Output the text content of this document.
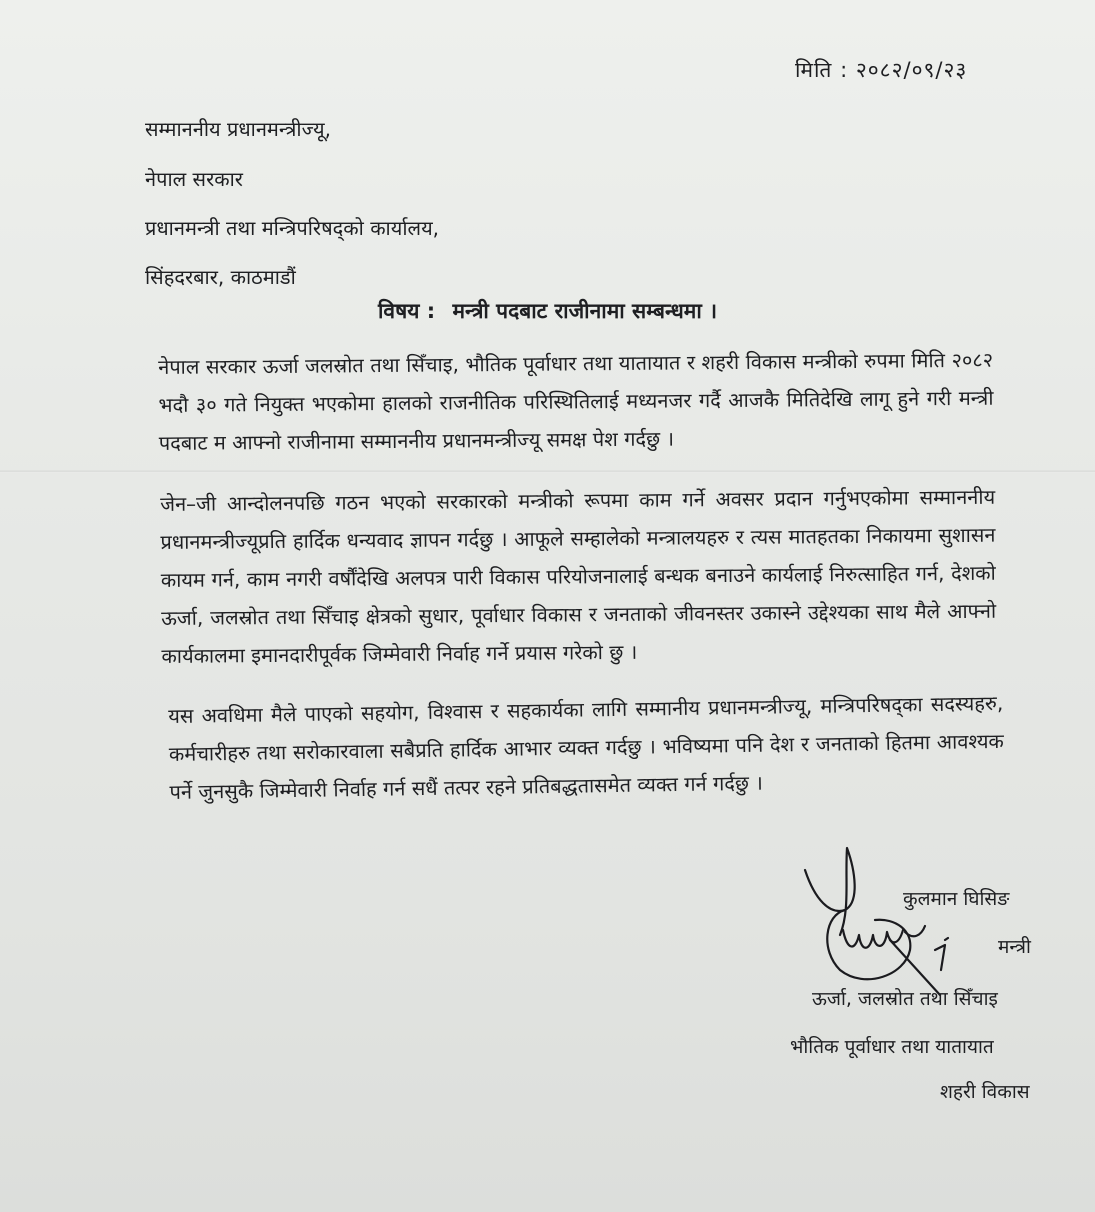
मिति : २०८२/०९/२३
सम्माननीय प्रधानमन्त्रीज्यू,
नेपाल सरकार
प्रधानमन्त्री तथा मन्त्रिपरिषद्को कार्यालय,
सिंहदरबार, काठमाडौं
विषय : मन्त्री पदबाट राजीनामा सम्बन्धमा ।
नेपाल सरकार ऊर्जा जलस्रोत तथा सिँचाइ, भौतिक पूर्वाधार तथा यातायात र शहरी विकास मन्त्रीको रुपमा मिति २०८२ भदौ ३० गते नियुक्त भएकोमा हालको राजनीतिक परिस्थितिलाई मध्यनजर गर्दै आजकै मितिदेखि लागू हुने गरी मन्त्री पदबाट म आफ्नो राजीनामा सम्माननीय प्रधानमन्त्रीज्यू समक्ष पेश गर्दछु ।
जेन–जी आन्दोलनपछि गठन भएको सरकारको मन्त्रीको रूपमा काम गर्ने अवसर प्रदान गर्नुभएकोमा सम्माननीय प्रधानमन्त्रीज्यूप्रति हार्दिक धन्यवाद ज्ञापन गर्दछु । आफूले सम्हालेको मन्त्रालयहरु र त्यस मातहतका निकायमा सुशासन कायम गर्न, काम नगरी वर्षौंदेखि अलपत्र पारी विकास परियोजनालाई बन्धक बनाउने कार्यलाई निरुत्साहित गर्न, देशको ऊर्जा, जलस्रोत तथा सिँचाइ क्षेत्रको सुधार, पूर्वाधार विकास र जनताको जीवनस्तर उकास्ने उद्देश्यका साथ मैले आफ्नो कार्यकालमा इमानदारीपूर्वक जिम्मेवारी निर्वाह गर्ने प्रयास गरेको छु ।
यस अवधिमा मैले पाएको सहयोग, विश्वास र सहकार्यका लागि सम्मानीय प्रधानमन्त्रीज्यू, मन्त्रिपरिषद्का सदस्यहरु, कर्मचारीहरु तथा सरोकारवाला सबैप्रति हार्दिक आभार व्यक्त गर्दछु । भविष्यमा पनि देश र जनताको हितमा आवश्यक पर्ने जुनसुकै जिम्मेवारी निर्वाह गर्न सधैं तत्पर रहने प्रतिबद्धतासमेत व्यक्त गर्न गर्दछु ।
कुलमान घिसिङ
मन्त्री
ऊर्जा, जलस्रोत तथा सिँचाइ
भौतिक पूर्वाधार तथा यातायात
शहरी विकास
